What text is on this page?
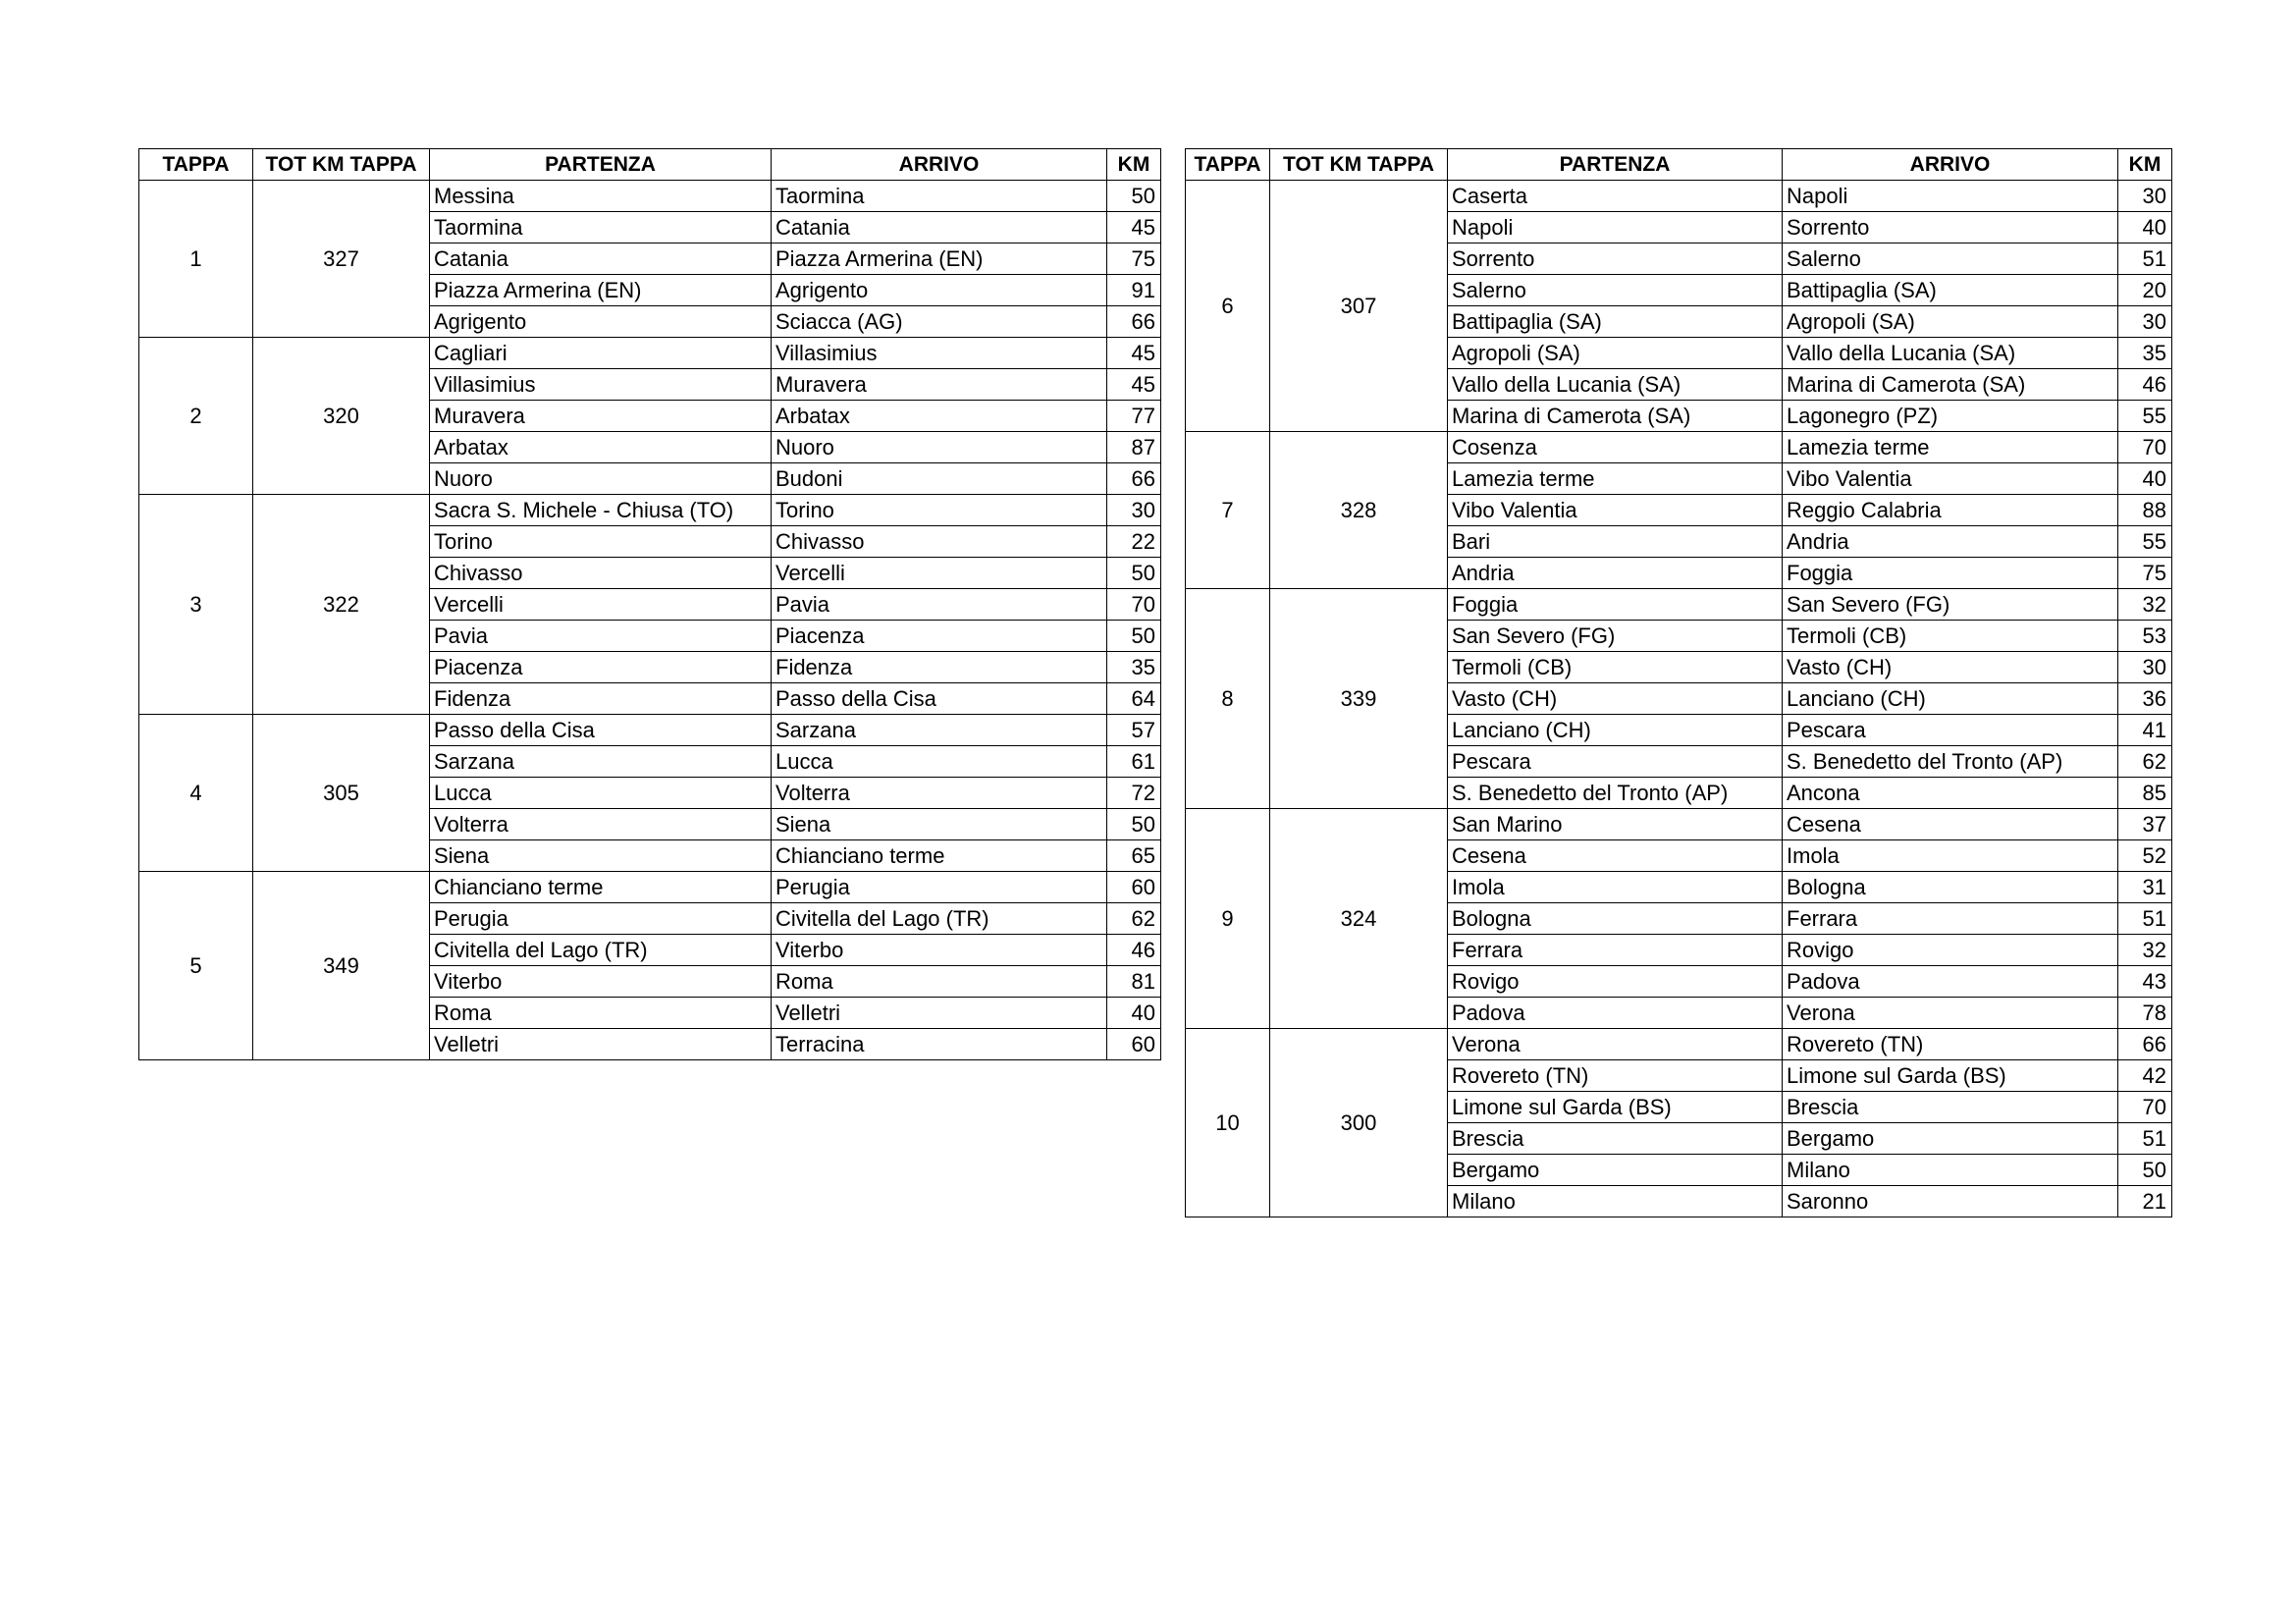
TAPPA	TOT KM TAPPA	PARTENZA	ARRIVO	KM
1	327	Messina	Taormina	50
		Taormina	Catania	45
		Catania	Piazza Armerina (EN)	75
		Piazza Armerina (EN)	Agrigento	91
		Agrigento	Sciacca (AG)	66
2	320	Cagliari	Villasimius	45
		Villasimius	Muravera	45
		Muravera	Arbatax	77
		Arbatax	Nuoro	87
		Nuoro	Budoni	66
3	322	Sacra S. Michele - Chiusa (TO)	Torino	30
		Torino	Chivasso	22
		Chivasso	Vercelli	50
		Vercelli	Pavia	70
		Pavia	Piacenza	50
		Piacenza	Fidenza	35
		Fidenza	Passo della Cisa	64
4	305	Passo della Cisa	Sarzana	57
		Sarzana	Lucca	61
		Lucca	Volterra	72
		Volterra	Siena	50
		Siena	Chianciano terme	65
5	349	Chianciano terme	Perugia	60
		Perugia	Civitella del Lago (TR)	62
		Civitella del Lago (TR)	Viterbo	46
		Viterbo	Roma	81
		Roma	Velletri	40
		Velletri	Terracina	60
TAPPA	TOT KM TAPPA	PARTENZA	ARRIVO	KM
6	307	Caserta	Napoli	30
		Napoli	Sorrento	40
		Sorrento	Salerno	51
		Salerno	Battipaglia (SA)	20
		Battipaglia (SA)	Agropoli (SA)	30
		Agropoli (SA)	Vallo della Lucania (SA)	35
		Vallo della Lucania (SA)	Marina di Camerota (SA)	46
		Marina di Camerota (SA)	Lagonegro (PZ)	55
7	328	Cosenza	Lamezia terme	70
		Lamezia terme	Vibo Valentia	40
		Vibo Valentia	Reggio Calabria	88
		Bari	Andria	55
		Andria	Foggia	75
8	339	Foggia	San Severo (FG)	32
		San Severo (FG)	Termoli (CB)	53
		Termoli (CB)	Vasto (CH)	30
		Vasto (CH)	Lanciano (CH)	36
		Lanciano (CH)	Pescara	41
		Pescara	S. Benedetto del Tronto (AP)	62
		S. Benedetto del Tronto (AP)	Ancona	85
9	324	San Marino	Cesena	37
		Cesena	Imola	52
		Imola	Bologna	31
		Bologna	Ferrara	51
		Ferrara	Rovigo	32
		Rovigo	Padova	43
		Padova	Verona	78
10	300	Verona	Rovereto (TN)	66
		Rovereto (TN)	Limone sul Garda (BS)	42
		Limone sul Garda (BS)	Brescia	70
		Brescia	Bergamo	51
		Bergamo	Milano	50
		Milano	Saronno	21
